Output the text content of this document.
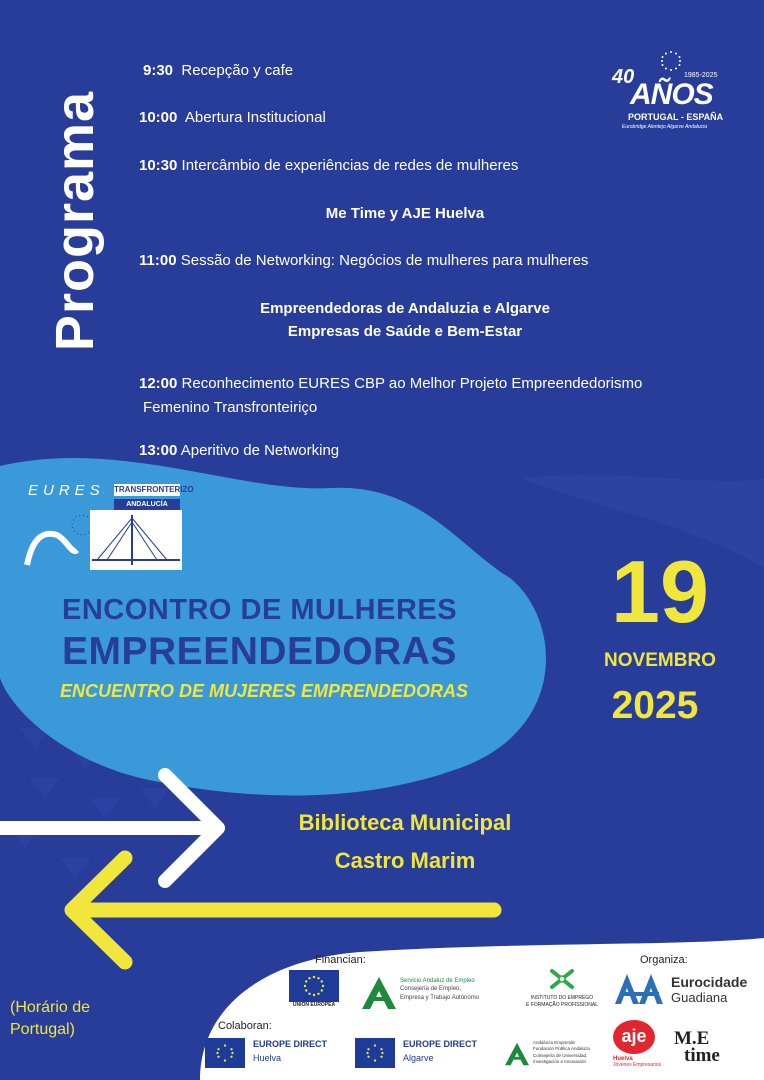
Programa
40	1985-2025
AÑOS
PORTUGAL - ESPAÑA
Eurobridge Alentejo Algarve Andalucia
9:30 Recepção y cafe
10:00 Abertura Institucional
10:30 Intercâmbio de experiências de redes de mulheres
Me Time y AJE Huelva
11:00 Sessão de Networking: Negócios de mulheres para mulheres
Empreendedoras de Andaluzia e Algarve
Empresas de Saúde e Bem-Estar
12:00 Reconhecimento EURES CBP ao Melhor Projeto Empreendedorismo
Femenino Transfronteiriço
13:00 Aperitivo de Networking
EURES TRANSFRONTERIZO
ANDALUCÍA
ENCONTRO DE MULHERES
EMPREENDEDORAS
ENCUENTRO DE MUJERES EMPRENDEDORAS
19
NOVEMBRO
2025
Biblioteca Municipal
Castro Marim
(Horário de
Portugal)
Financian:	Organiza:
Colaboran:
UNIÓN EUROPEA
Servicio Andaluz de Empleo
Consejería de Empleo,
Empresa y Trabajo Autónomo	INSTITUTO DO EMPREGO
E FORMAÇÃO PROFISSIONAL
Eurocidade
Guadiana
EUROPE DIRECT
Huelva
EUROPE DIRECT
Algarve
Andalucía Emprende
Fundación Pública Andaluza
Consejería de Universidad,
Investigación e Innovación
aje
Huelva
Jóvenes Empresarios
M.E
time
